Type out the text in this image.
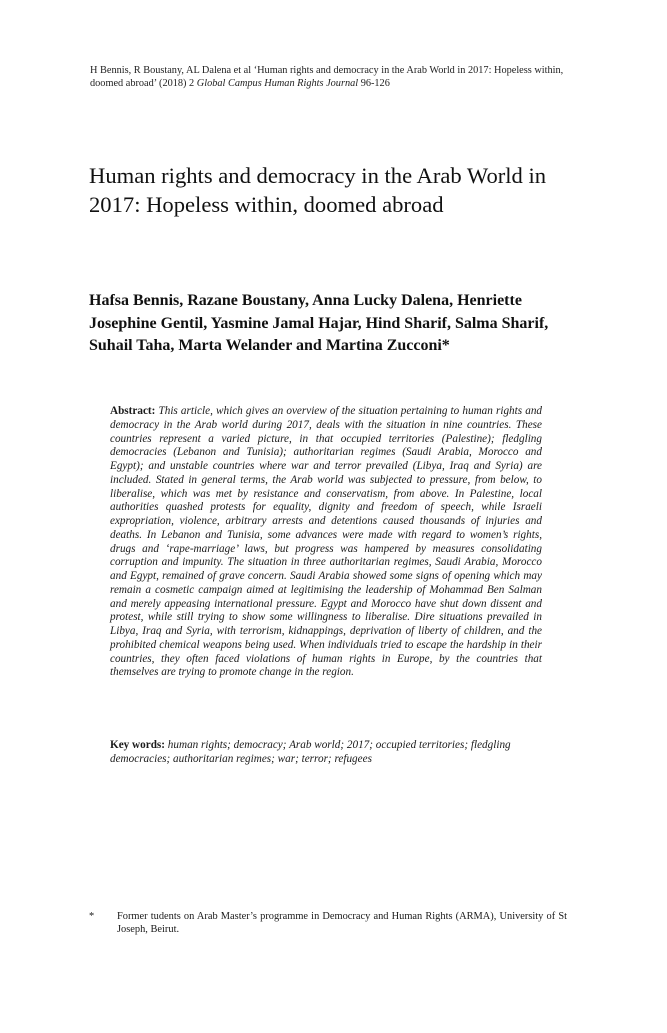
H Bennis, R Boustany, AL Dalena et al ‘Human rights and democracy in the Arab World in 2017: Hopeless within, doomed abroad’ (2018) 2 Global Campus Human Rights Journal 96-126
Human rights and democracy in the Arab World in 2017: Hopeless within, doomed abroad

Hafsa Bennis, Razane Boustany, Anna Lucky Dalena, Henriette Josephine Gentil, Yasmine Jamal Hajar, Hind Sharif, Salma Sharif, Suhail Taha, Marta Welander and Martina Zucconi*

Abstract: This article, which gives an overview of the situation pertaining to human rights and democracy in the Arab world during 2017, deals with the situation in nine countries. These countries represent a varied picture, in that occupied territories (Palestine); fledgling democracies (Lebanon and Tunisia); authoritarian regimes (Saudi Arabia, Morocco and Egypt); and unstable countries where war and terror prevailed (Libya, Iraq and Syria) are included. Stated in general terms, the Arab world was subjected to pressure, from below, to liberalise, which was met by resistance and conservatism, from above. In Palestine, local authorities quashed protests for equality, dignity and freedom of speech, while Israeli expropriation, violence, arbitrary arrests and detentions caused thousands of injuries and deaths. In Lebanon and Tunisia, some advances were made with regard to women’s rights, drugs and ‘rape-marriage’ laws, but progress was hampered by measures consolidating corruption and impunity. The situation in three authoritarian regimes, Saudi Arabia, Morocco and Egypt, remained of grave concern. Saudi Arabia showed some signs of opening which may remain a cosmetic campaign aimed at legitimising the leadership of Mohammad Ben Salman and merely appeasing international pressure. Egypt and Morocco have shut down dissent and protest, while still trying to show some willingness to liberalise. Dire situations prevailed in Libya, Iraq and Syria, with terrorism, kidnappings, deprivation of liberty of children, and the prohibited chemical weapons being used. When individuals tried to escape the hardship in their countries, they often faced violations of human rights in Europe, by the countries that themselves are trying to promote change in the region.

Key words: human rights; democracy; Arab world; 2017; occupied territories; fledgling democracies; authoritarian regimes; war; terror; refugees

* Former tudents on Arab Master’s programme in Democracy and Human Rights (ARMA), University of St Joseph, Beirut.
